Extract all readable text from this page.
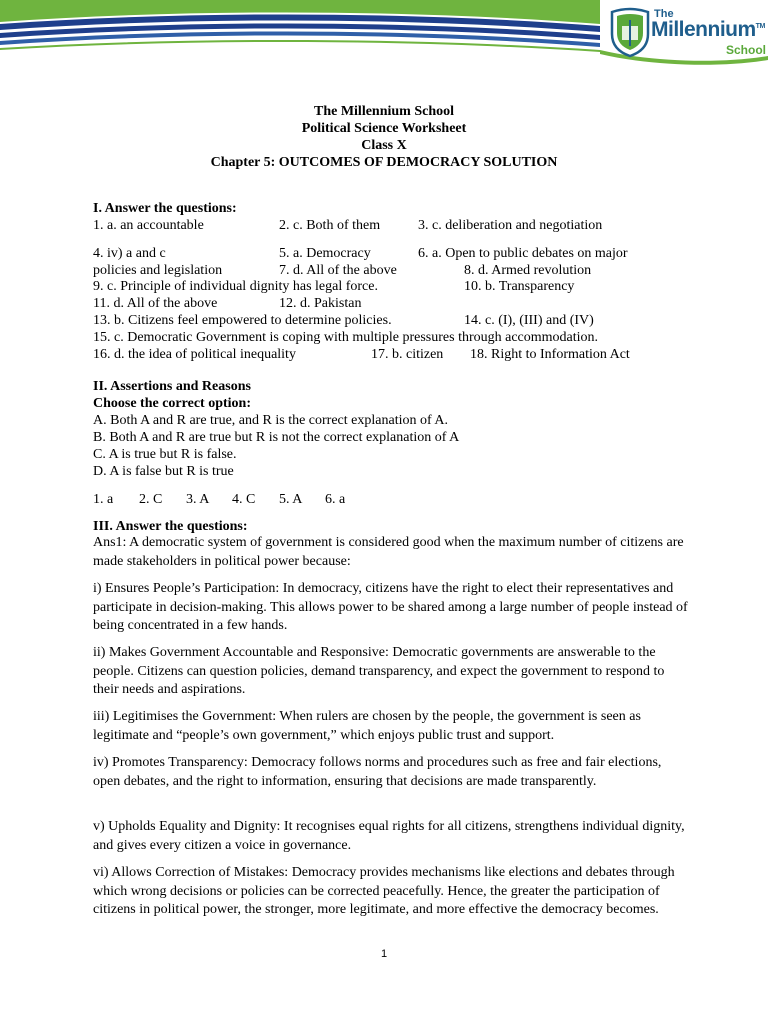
The
Millennium™
School
The Millennium School
Political Science Worksheet
Class X
Chapter 5: OUTCOMES OF DEMOCRACY SOLUTION
I. Answer the questions:
1. a. an accountable	2. c. Both of them	3. c. deliberation and negotiation
4. iv) a and c	5. a. Democracy	6. a. Open to public debates on major
policies and legislation	7. d. All of the above	8. d. Armed revolution
9. c. Principle of individual dignity has legal force.	10. b. Transparency
11. d. All of the above	12. d. Pakistan
13. b. Citizens feel empowered to determine policies.	14. c. (I), (III) and (IV)
15. c. Democratic Government is coping with multiple pressures through accommodation.
16. d. the idea of political inequality	17. b. citizen 18. Right to Information Act
II. Assertions and Reasons
Choose the correct option:
A. Both A and R are true, and R is the correct explanation of A.
B. Both A and R are true but R is not the correct explanation of A
C. A is true but R is false.
D. A is false but R is true
1. a 2. C 3. A 4. C 5. A 6. a
III. Answer the questions:
Ans1: A democratic system of government is considered good when the maximum number of citizens are made stakeholders in political power because:
i) Ensures People’s Participation: In democracy, citizens have the right to elect their representatives and participate in decision-making. This allows power to be shared among a large number of people instead of being concentrated in a few hands.
ii) Makes Government Accountable and Responsive: Democratic governments are answerable to the people. Citizens can question policies, demand transparency, and expect the government to respond to their needs and aspirations.
iii) Legitimises the Government: When rulers are chosen by the people, the government is seen as legitimate and “people’s own government,” which enjoys public trust and support.
iv) Promotes Transparency: Democracy follows norms and procedures such as free and fair elections, open debates, and the right to information, ensuring that decisions are made transparently.
v) Upholds Equality and Dignity: It recognises equal rights for all citizens, strengthens individual dignity, and gives every citizen a voice in governance.
vi) Allows Correction of Mistakes: Democracy provides mechanisms like elections and debates through which wrong decisions or policies can be corrected peacefully. Hence, the greater the participation of citizens in political power, the stronger, more legitimate, and more effective the democracy becomes.
1
